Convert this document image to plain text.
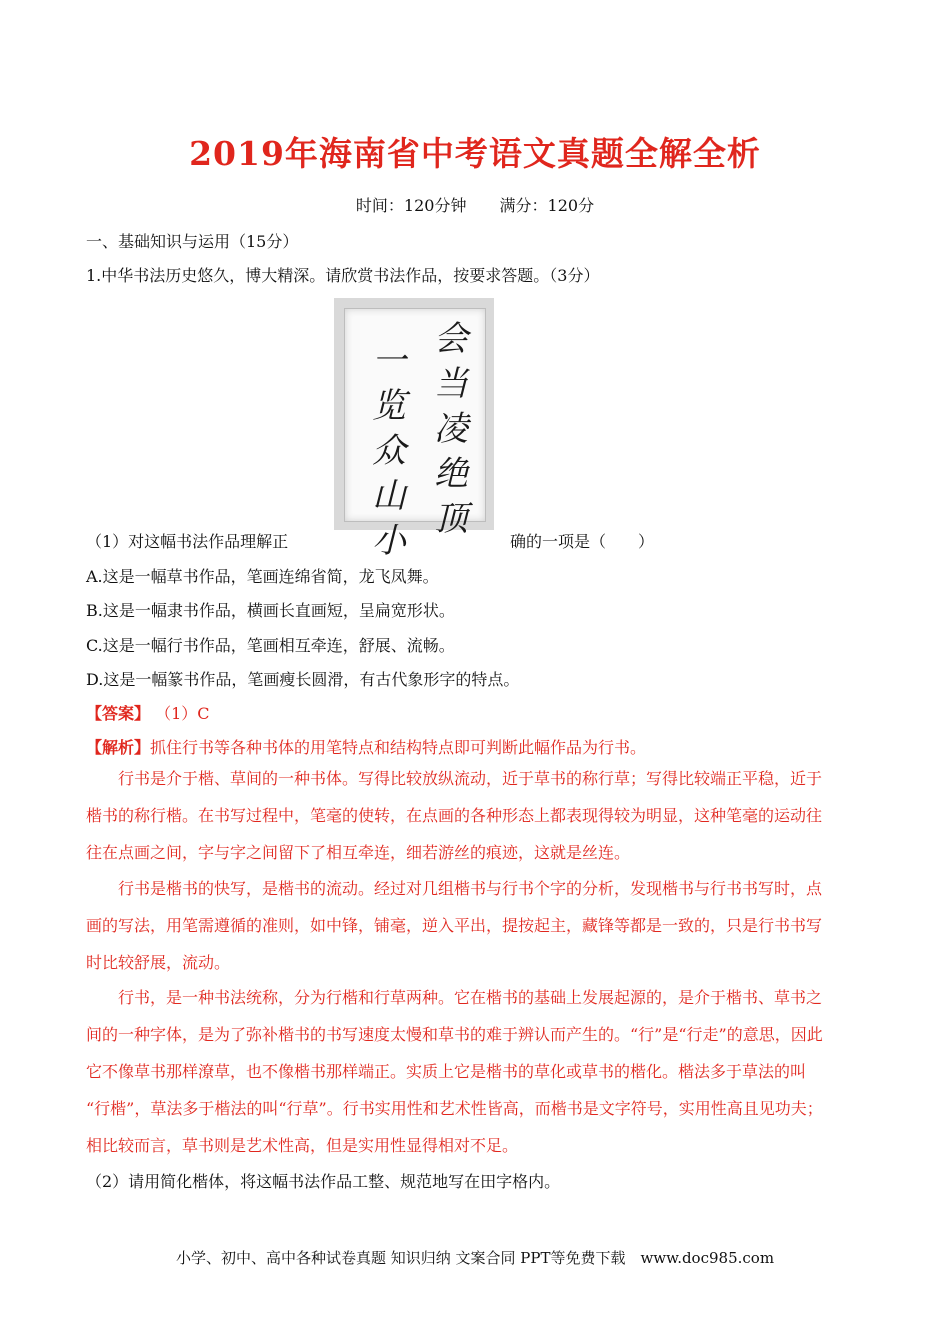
2019年海南省中考语文真题全解全析
时间：120分钟 满分：120分
一、基础知识与运用（15分）
1.中华书法历史悠久，博大精深。请欣赏书法作品，按要求答题。（3分）
会
当
凌
绝
顶
一
览
众
山
小
（1）对这幅书法作品理解正	确的一项是（　　）
A.这是一幅草书作品，笔画连绵省简，龙飞凤舞。
B.这是一幅隶书作品，横画长直画短，呈扁宽形状。
C.这是一幅行书作品，笔画相互牵连，舒展、流畅。
D.这是一幅篆书作品，笔画瘦长圆滑，有古代象形字的特点。
【答案】 （1）C
【解析】抓住行书等各种书体的用笔特点和结构特点即可判断此幅作品为行书。
行书是介于楷、草间的一种书体。写得比较放纵流动，近于草书的称行草；写得比较端正平稳，近于
楷书的称行楷。在书写过程中，笔毫的使转，在点画的各种形态上都表现得较为明显，这种笔毫的运动往
往在点画之间，字与字之间留下了相互牵连，细若游丝的痕迹，这就是丝连。
行书是楷书的快写，是楷书的流动。经过对几组楷书与行书个字的分析，发现楷书与行书书写时，点
画的写法，用笔需遵循的准则，如中锋，铺毫，逆入平出，提按起主，藏锋等都是一致的，只是行书书写
时比较舒展，流动。
行书，是一种书法统称，分为行楷和行草两种。它在楷书的基础上发展起源的，是介于楷书、草书之
间的一种字体，是为了弥补楷书的书写速度太慢和草书的难于辨认而产生的。“行”是“行走”的意思，因此
它不像草书那样潦草，也不像楷书那样端正。实质上它是楷书的草化或草书的楷化。楷法多于草法的叫
“行楷”，草法多于楷法的叫“行草”。行书实用性和艺术性皆高，而楷书是文字符号，实用性高且见功夫；
相比较而言，草书则是艺术性高，但是实用性显得相对不足。
（2）请用简化楷体，将这幅书法作品工整、规范地写在田字格内。
小学、初中、高中各种试卷真题 知识归纳 文案合同 PPT等免费下载　www.doc985.com
